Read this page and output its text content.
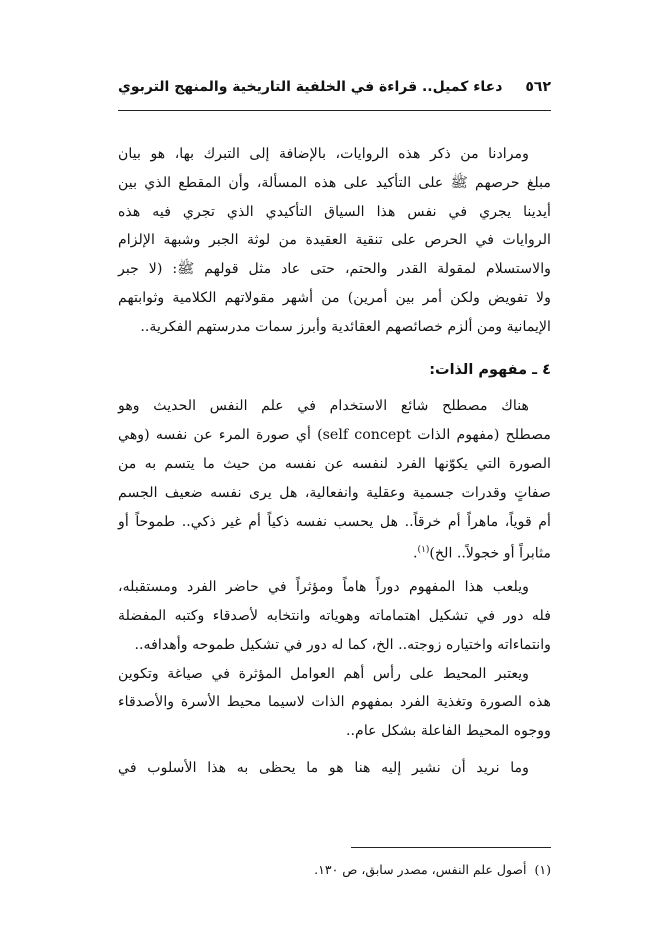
٥٦٢
دعاء كميل.. قراءة في الخلفية التاريخية والمنهج التربوي
ومرادنا من ذكر هذه الروايات، بالإضافة إلى التبرك بها، هو بيان
مبلغ حرصهم ﷺ على التأكيد على هذه المسألة، وأن المقطع الذي بين
أيدينا يجري في نفس هذا السياق التأكيدي الذي تجري فيه هذه
الروايات في الحرص على تنقية العقيدة من لوثة الجبر وشبهة الإلزام
والاستسلام لمقولة القدر والحتم، حتى عاد مثل قولهم ﷺ: (لا جبر
ولا تفويض ولكن أمر بين أمرين) من أشهر مقولاتهم الكلامية وثوابتهم
الإيمانية ومن ألزم خصائصهم العقائدية وأبرز سمات مدرستهم الفكرية..
٤ ـ مفهوم الذات:
هناك مصطلح شائع الاستخدام في علم النفس الحديث وهو
مصطلح (مفهوم الذات self concept) أي صورة المرء عن نفسه (وهي
الصورة التي يكوّنها الفرد لنفسه عن نفسه من حيث ما يتسم به من
صفاتٍ وقدرات جسمية وعقلية وانفعالية، هل يرى نفسه ضعيف الجسم
أم قوياً، ماهراً أم خرقاً.. هل يحسب نفسه ذكياً أم غير ذكي.. طموحاً أو
مثابراً أو خجولاً.. الخ)$^{(١)}$.
ويلعب هذا المفهوم دوراً هاماً ومؤثراً في حاضر الفرد ومستقبله،
فله دور في تشكيل اهتماماته وهوياته وانتخابه لأصدقاء وكتبه المفضلة
وانتماءاته واختياره زوجته.. الخ، كما له دور في تشكيل طموحه وأهدافه..
ويعتبر المحيط على رأس أهم العوامل المؤثرة في صياغة وتكوين
هذه الصورة وتغذية الفرد بمفهوم الذات لاسيما محيط الأسرة والأصدقاء
ووجوه المحيط الفاعلة بشكل عام..
وما نريد أن نشير إليه هنا هو ما يحظى به هذا الأسلوب في
(١)أصول علم النفس، مصدر سابق، ص ١٣٠.
